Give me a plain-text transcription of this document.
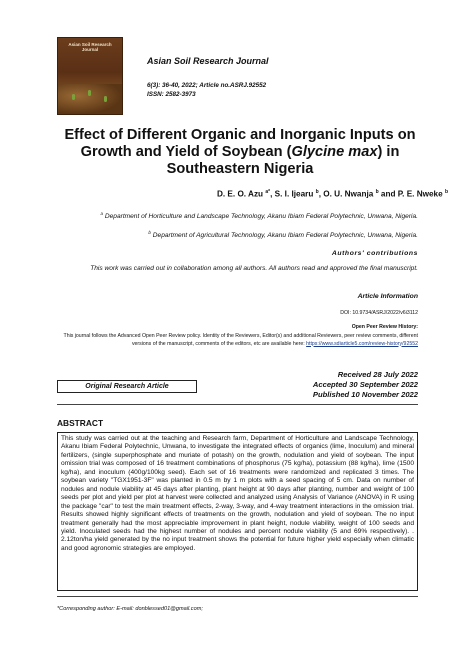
Asian Soil Research Journal
Asian Soil Research Journal
6(3): 36-40, 2022; Article no.ASRJ.92552
ISSN: 2582-3973
Effect of Different Organic and Inorganic Inputs on
Growth and Yield of Soybean (Glycine max) in
Southeastern Nigeria
D. E. O. Azu $^{a*}$, S. I. Ijearu $^b$, O. U. Nwanja $^b$ and P. E. Nweke $^b$
$^a$ Department of Horticulture and Landscape Technology, Akanu Ibiam Federal Polytechnic, Unwana, Nigeria.
$^b$ Department of Agricultural Technology, Akanu Ibiam Federal Polytechnic, Unwana, Nigeria.
Authors' contributions
This work was carried out in collaboration among all authors. All authors read and approved the final manuscript.
Article Information
DOI: 10.9734/ASRJ/2022/v6i3112
Open Peer Review History:
This journal follows the Advanced Open Peer Review policy. Identity of the Reviewers, Editor(s) and additional Reviewers, peer review comments, different versions of the manuscript, comments of the editors, etc are available here: https://www.sdiarticle5.com/review-history/92552
Received 28 July 2022
Accepted 30 September 2022
Published 10 November 2022
Original Research Article
ABSTRACT
This study was carried out at the teaching and Research farm, Department of Horticulture and Landscape Technology, Akanu Ibiam Federal Polytechnic, Unwana, to investigate the integrated effects of organics (lime, Inoculum) and mineral fertilizers, (single superphosphate and muriate of potash) on the growth, nodulation and yield of soybean. The input omission trial was composed of 16 treatment combinations of phosphorus (75 kg/ha), potassium (88 kg/ha), lime (1500 kg/ha), and inoculum (400g/100kg seed). Each set of 16 treatments were randomized and replicated 3 times. The soybean variety "TGX1951-3F" was planted in 0.5 m by 1 m plots with a seed spacing of 5 cm. Data on number of nodules and nodule viability at 45 days after planting, plant height at 90 days after planting, number and weight of 100 seeds per plot and yield per plot at harvest were collected and analyzed using Analysis of Variance (ANOVA) in R using the package "car" to test the main treatment effects, 2-way, 3-way, and 4-way treatment interactions in the omission trial. Results showed highly significant effects of treatments on the growth, nodulation and yield of soybean. The no input treatment generally had the most appreciable improvement in plant height, nodule viability, weight of 100 seeds and yield. Inoculated seeds had the highest number of nodules and percent nodule viability (5 and 69% respectively). . 2.12ton/ha yield generated by the no input treatment shows the potential for future higher yield especially when climatic and good agronomic strategies are employed.
*Corresponding author: E-mail: donblessed01@gmail.com;
